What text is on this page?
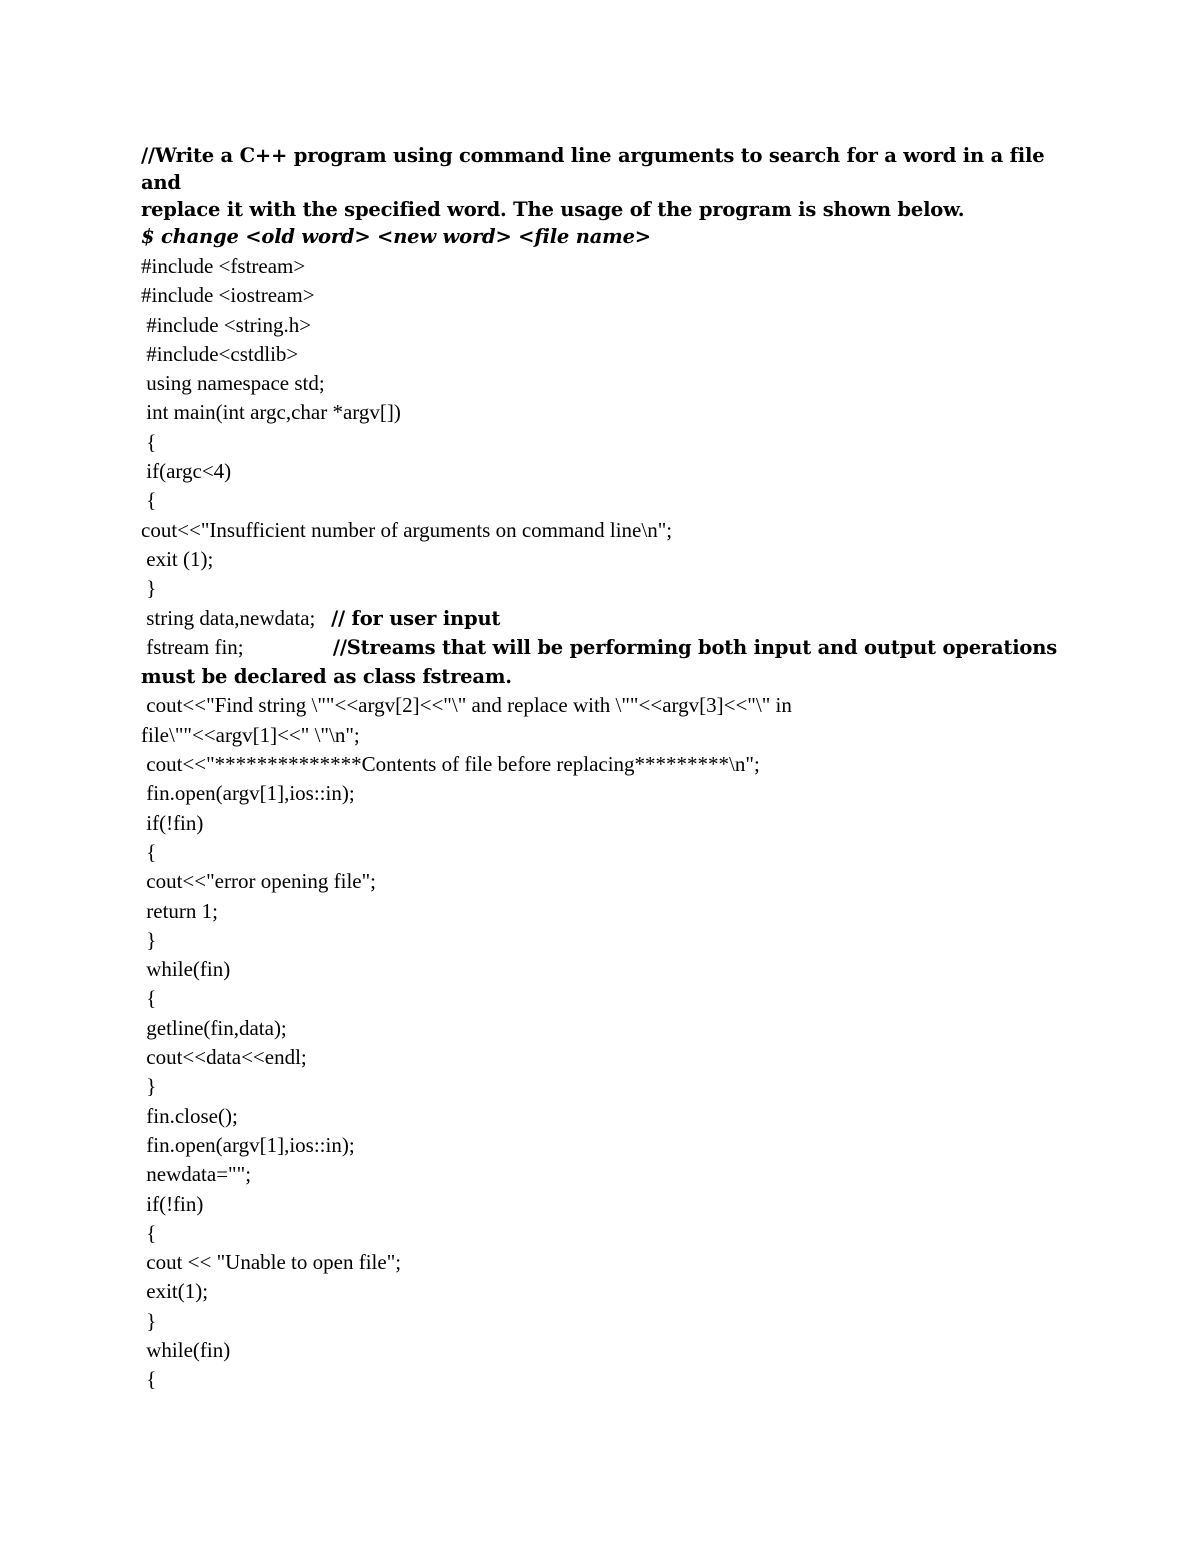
//Write a C++ program using command line arguments to search for a word in a file and
replace it with the specified word. The usage of the program is shown below.
$ change <old word> <new word> <file name>
#include <fstream>
#include <iostream>
#include <string.h>
#include<cstdlib>
using namespace std;
int main(int argc,char *argv[])
{
if(argc<4)
{
cout<<"Insufficient number of arguments on command line\n";
exit (1);
}
string data,newdata;   // for user input
fstream fin;                 //Streams that will be performing both input and output operations
must be declared as class fstream.
cout<<"Find string \""<<argv[2]<<"\" and replace with \""<<argv[3]<<"\" in
file\""<<argv[1]<<" \"\n";
cout<<"**************Contents of file before replacing*********\n";
fin.open(argv[1],ios::in);
if(!fin)
{
cout<<"error opening file";
return 1;
}
while(fin)
{
getline(fin,data);
cout<<data<<endl;
}
fin.close();
fin.open(argv[1],ios::in);
newdata="";
if(!fin)
{
cout << "Unable to open file";
exit(1);
}
while(fin)
{
